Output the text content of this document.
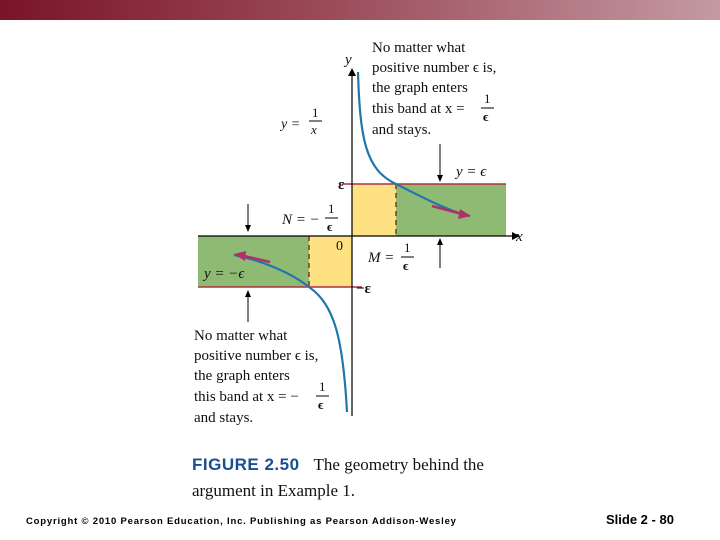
y
x
0
ε
−ε
y =
1
x
y = ϵ
y = −ϵ
N = −
1
ϵ
M =
1
ϵ
No matter what
positive number ϵ is,
the graph enters
this band at x =
1
ϵ
and stays.
No matter what
positive number ϵ is,
the graph enters
this band at x = −
1
ϵ
and stays.
FIGURE 2.50 The geometry behind the argument in Example 1.
Copyright © 2010 Pearson Education, Inc. Publishing as Pearson Addison-Wesley	Slide 2 - 80
